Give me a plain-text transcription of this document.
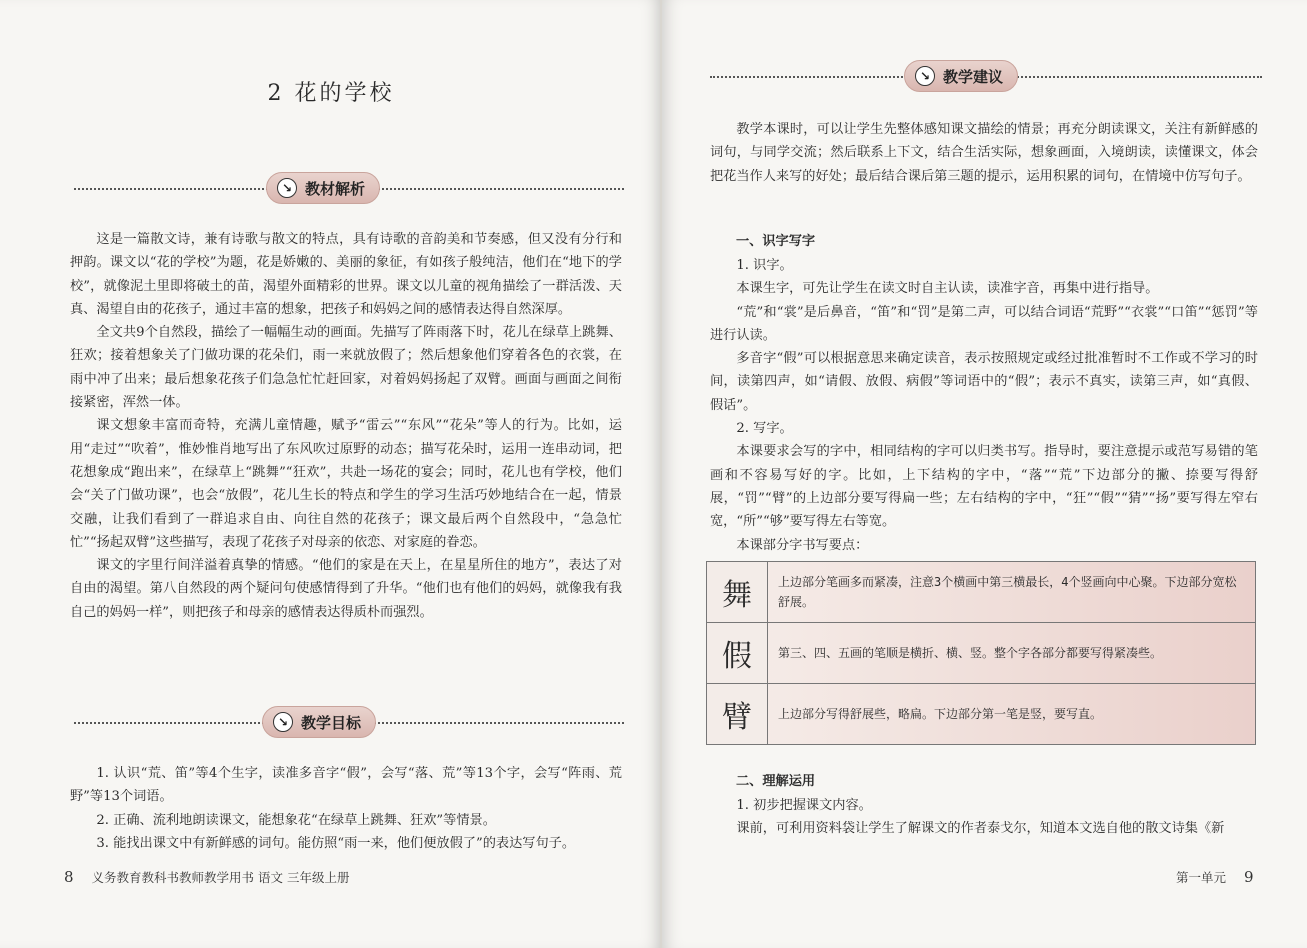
2 花的学校
↘ 教材解析

这是一篇散文诗，兼有诗歌与散文的特点，具有诗歌的音韵美和节奏感，但又没有分行和押韵。课文以“花的学校”为题，花是娇嫩的、美丽的象征，有如孩子般纯洁，他们在“地下的学校”，就像泥土里即将破土的苗，渴望外面精彩的世界。课文以儿童的视角描绘了一群活泼、天真、渴望自由的花孩子，通过丰富的想象，把孩子和妈妈之间的感情表达得自然深厚。

全文共9个自然段，描绘了一幅幅生动的画面。先描写了阵雨落下时，花儿在绿草上跳舞、狂欢；接着想象关了门做功课的花朵们，雨一来就放假了；然后想象他们穿着各色的衣裳，在雨中冲了出来；最后想象花孩子们急急忙忙赶回家，对着妈妈扬起了双臂。画面与画面之间衔接紧密，浑然一体。

课文想象丰富而奇特，充满儿童情趣，赋予“雷云”“东风”“花朵”等人的行为。比如，运用“走过”“吹着”，惟妙惟肖地写出了东风吹过原野的动态；描写花朵时，运用一连串动词，把花想象成“跑出来”，在绿草上“跳舞”“狂欢”，共赴一场花的宴会；同时，花儿也有学校，他们会“关了门做功课”，也会“放假”，花儿生长的特点和学生的学习生活巧妙地结合在一起，情景交融，让我们看到了一群追求自由、向往自然的花孩子；课文最后两个自然段中，“急急忙忙”“扬起双臂”这些描写，表现了花孩子对母亲的依恋、对家庭的眷恋。

课文的字里行间洋溢着真挚的情感。“他们的家是在天上，在星星所住的地方”，表达了对自由的渴望。第八自然段的两个疑问句使感情得到了升华。“他们也有他们的妈妈，就像我有我自己的妈妈一样”，则把孩子和母亲的感情表达得质朴而强烈。

↘ 教学目标

1. 认识“荒、笛”等4个生字，读准多音字“假”，会写“落、荒”等13个字，会写“阵雨、荒野”等13个词语。

2. 正确、流利地朗读课文，能想象花“在绿草上跳舞、狂欢”等情景。

3. 能找出课文中有新鲜感的词句。能仿照“雨一来，他们便放假了”的表达写句子。

8 义务教育教科书教师教学用书 语文 三年级上册
↘ 教学建议

教学本课时，可以让学生先整体感知课文描绘的情景；再充分朗读课文，关注有新鲜感的词句，与同学交流；然后联系上下文，结合生活实际，想象画面，入境朗读，读懂课文，体会把花当作人来写的好处；最后结合课后第三题的提示，运用积累的词句，在情境中仿写句子。

一、识字写字

1. 识字。

本课生字，可先让学生在读文时自主认读，读准字音，再集中进行指导。

“荒”和“裳”是后鼻音，“笛”和“罚”是第二声，可以结合词语“荒野”“衣裳”“口笛”“惩罚”等进行认读。

多音字“假”可以根据意思来确定读音，表示按照规定或经过批准暂时不工作或不学习的时间，读第四声，如“请假、放假、病假”等词语中的“假”；表示不真实，读第三声，如“真假、假话”。

2. 写字。

本课要求会写的字中，相同结构的字可以归类书写。指导时，要注意提示或范写易错的笔画和不容易写好的字。比如，上下结构的字中，“落”“荒”下边部分的撇、捺要写得舒展，“罚”“臂”的上边部分要写得扁一些；左右结构的字中，“狂”“假”“猜”“扬”要写得左窄右宽，“所”“够”要写得左右等宽。

本课部分字书写要点：

舞	上边部分笔画多而紧凑，注意3个横画中第三横最长，4个竖画向中心聚。下边部分宽松舒展。
假	第三、四、五画的笔顺是横折、横、竖。整个字各部分都要写得紧凑些。
臂	上边部分写得舒展些，略扁。下边部分第一笔是竖，要写直。
二、理解运用

1. 初步把握课文内容。

课前，可利用资料袋让学生了解课文的作者泰戈尔，知道本文选自他的散文诗集《新

第一单元 9
